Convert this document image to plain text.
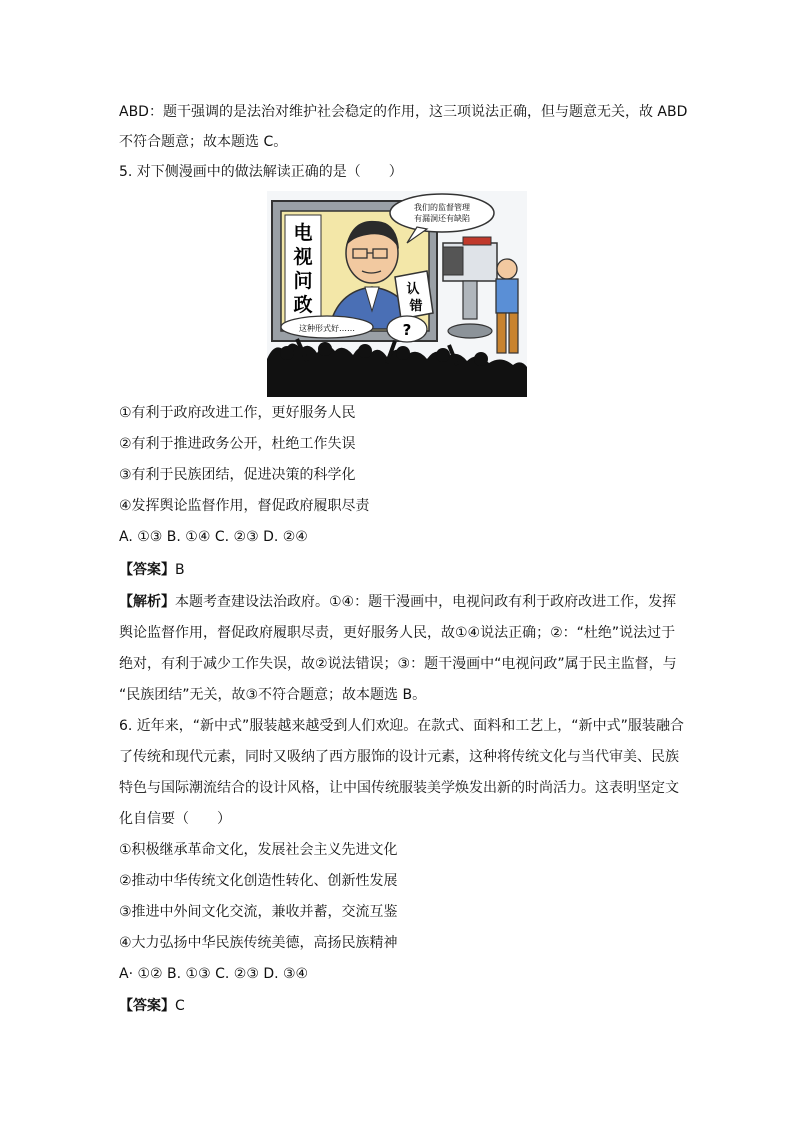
ABD：题干强调的是法治对维护社会稳定的作用，这三项说法正确，但与题意无关，故 ABD
不符合题意；故本题选 C。
5. 对下侧漫画中的做法解读正确的是（　　）
电
视
问
政
认
错
我们的监督管理
有漏洞还有缺陷
这种形式好……	?
①有利于政府改进工作，更好服务人民
②有利于推进政务公开，杜绝工作失误
③有利于民族团结，促进决策的科学化
④发挥舆论监督作用，督促政府履职尽责
A. ①③ B. ①④ C. ②③ D. ②④
【答案】B
【解析】本题考查建设法治政府。①④：题干漫画中，电视问政有利于政府改进工作，发挥
舆论监督作用，督促政府履职尽责，更好服务人民，故①④说法正确；②：“杜绝”说法过于
绝对，有利于减少工作失误，故②说法错误；③：题干漫画中“电视问政”属于民主监督，与
“民族团结”无关，故③不符合题意；故本题选 B。
6. 近年来，“新中式”服装越来越受到人们欢迎。在款式、面料和工艺上，“新中式”服装融合
了传统和现代元素，同时又吸纳了西方服饰的设计元素，这种将传统文化与当代审美、民族
特色与国际潮流结合的设计风格，让中国传统服装美学焕发出新的时尚活力。这表明坚定文
化自信要（　　）
①积极继承革命文化，发展社会主义先进文化
②推动中华传统文化创造性转化、创新性发展
③推进中外间文化交流，兼收并蓄，交流互鉴
④大力弘扬中华民族传统美德，高扬民族精神
A· ①② B. ①③ C. ②③ D. ③④
【答案】C
